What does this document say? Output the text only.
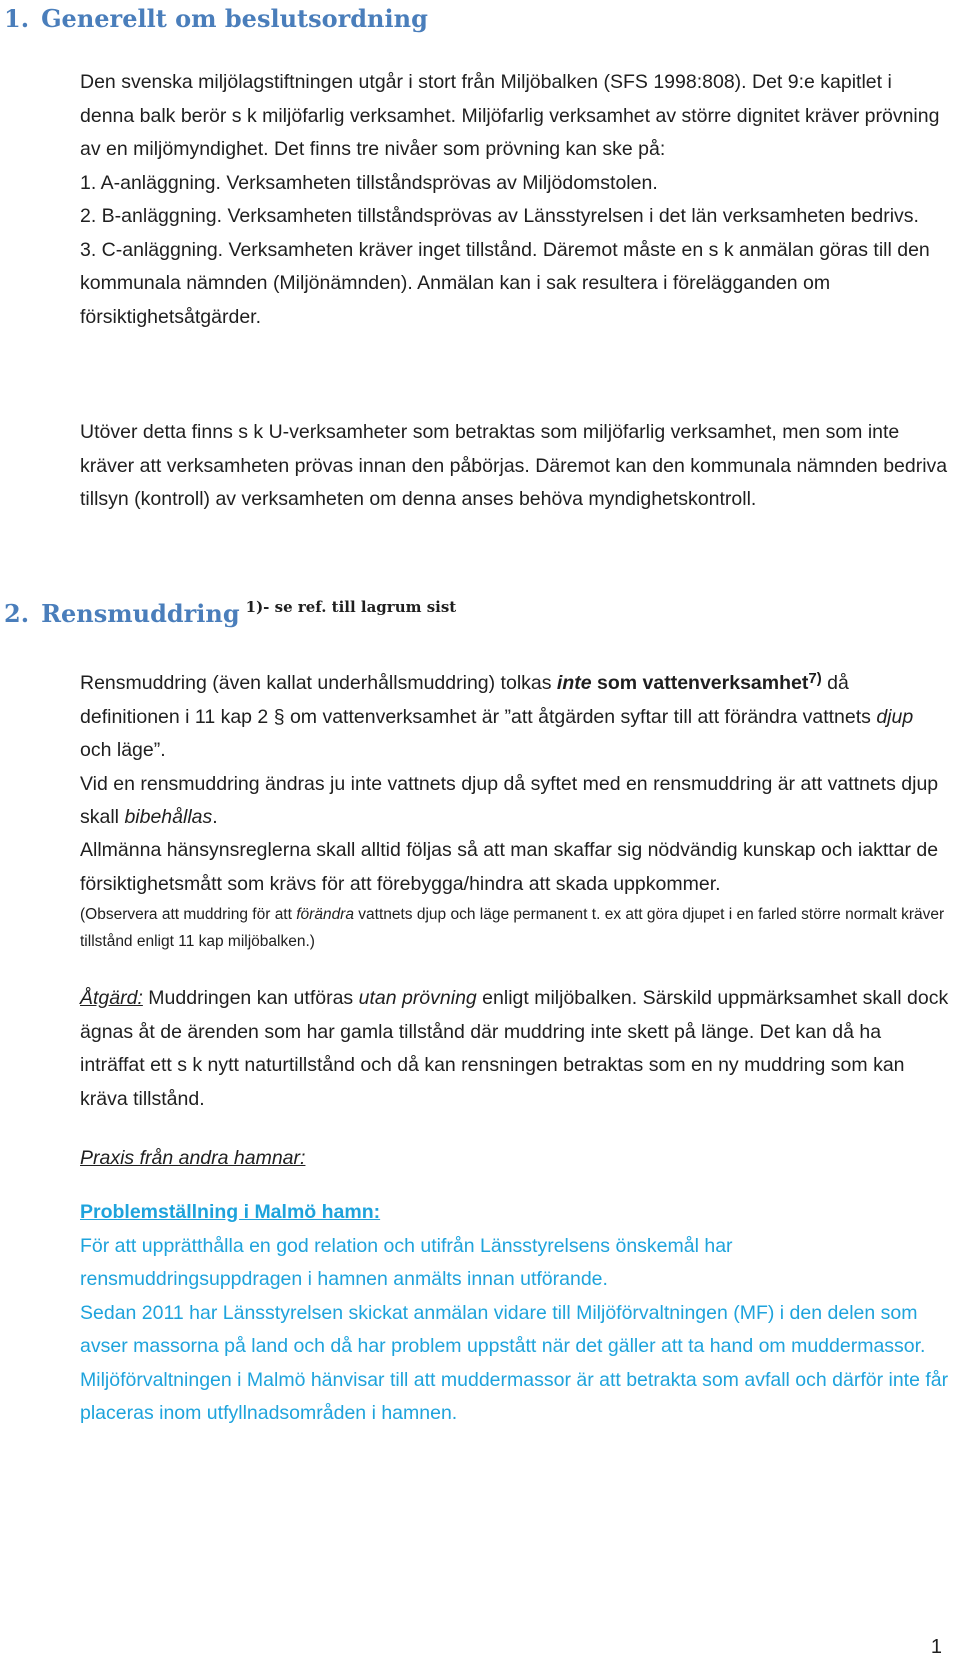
1. Generellt om beslutsordning

Den svenska miljölagstiftningen utgår i stort från Miljöbalken (SFS 1998:808). Det 9:e kapitlet i denna balk berör s k miljöfarlig verksamhet. Miljöfarlig verksamhet av större dignitet kräver prövning av en miljömyndighet. Det finns tre nivåer som prövning kan ske på:

1. A-anläggning. Verksamheten tillståndsprövas av Miljödomstolen.

2. B-anläggning. Verksamheten tillståndsprövas av Länsstyrelsen i det län verksamheten bedrivs.

3. C-anläggning. Verksamheten kräver inget tillstånd. Däremot måste en s k anmälan göras till den kommunala nämnden (Miljönämnden). Anmälan kan i sak resultera i förelägganden om försiktighetsåtgärder.

Utöver detta finns s k U-verksamheter som betraktas som miljöfarlig verksamhet, men som inte kräver att verksamheten prövas innan den påbörjas. Däremot kan den kommunala nämnden bedriva tillsyn (kontroll) av verksamheten om denna anses behöva myndighetskontroll.

2. Rensmuddring $^{1)- se ref. till lagrum sist}$

Rensmuddring (även kallat underhållsmuddring) tolkas inte som vattenverksamhet$^{7)}$ då definitionen i 11 kap 2 § om vattenverksamhet är ”att åtgärden syftar till att förändra vattnets djup och läge”.

Vid en rensmuddring ändras ju inte vattnets djup då syftet med en rensmuddring är att vattnets djup skall bibehållas.

Allmänna hänsynsreglerna skall alltid följas så att man skaffar sig nödvändig kunskap och iakttar de försiktighetsmått som krävs för att förebygga/hindra att skada uppkommer.

(Observera att muddring för att förändra vattnets djup och läge permanent t. ex att göra djupet i en farled större normalt kräver tillstånd enligt 11 kap miljöbalken.)

Åtgärd: Muddringen kan utföras utan prövning enligt miljöbalken. Särskild uppmärksamhet skall dock ägnas åt de ärenden som har gamla tillstånd där muddring inte skett på länge. Det kan då ha inträffat ett s k nytt naturtillstånd och då kan rensningen betraktas som en ny muddring som kan kräva tillstånd.

Praxis från andra hamnar:

Problemställning i Malmö hamn:

För att upprätthålla en god relation och utifrån Länsstyrelsens önskemål har rensmuddringsuppdragen i hamnen anmälts innan utförande.

Sedan 2011 har Länsstyrelsen skickat anmälan vidare till Miljöförvaltningen (MF) i den delen som avser massorna på land och då har problem uppstått när det gäller att ta hand om muddermassor. Miljöförvaltningen i Malmö hänvisar till att muddermassor är att betrakta som avfall och därför inte får placeras inom utfyllnadsområden i hamnen.

1
